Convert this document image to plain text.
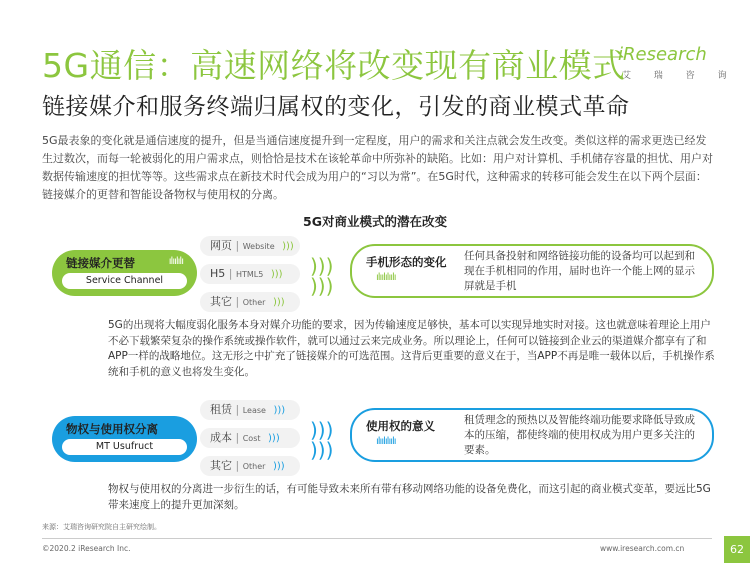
5G通信：高速网络将改变现有商业模式
链接媒介和服务终端归属权的变化，引发的商业模式革命
iResearch
艾 瑞 咨 询
5G最表象的变化就是通信速度的提升，但是当通信速度提升到一定程度，用户的需求和关注点就会发生改变。类似这样的需求更迭已经发生过数次，而每一轮被弱化的用户需求点，则恰恰是技术在该轮革命中所弥补的缺陷。比如：用户对计算机、手机储存容量的担忧、用户对数据传输速度的担忧等等。这些需求点在新技术时代会成为用户的“习以为常”。在5G时代，这种需求的转移可能会发生在以下两个层面：链接媒介的更替和智能设备物权与使用权的分离。
5G对商业模式的潜在改变
链接媒介更替	ılıılılı
Service Channel
网页 | Website )))
H5 | HTML5 )))
其它 | Other )))
)))
)))
手机形态的变化
ılıılılıılı
任何具备投射和网络链接功能的设备均可以起到和现在手机相同的作用，届时也许一个能上网的显示屏就是手机
5G的出现将大幅度弱化服务本身对媒介功能的要求，因为传输速度足够快，基本可以实现异地实时对接。这也就意味着理论上用户不必下载繁荣复杂的操作系统或操作软件，就可以通过云来完成业务。所以理论上，任何可以链接到企业云的渠道媒介都享有了和APP一样的战略地位。这无形之中扩充了链接媒介的可选范围。这背后更重要的意义在于，当APP不再是唯一载体以后，手机操作系统和手机的意义也将发生变化。
物权与使用权分离
MT Usufruct
租赁 | Lease )))
成本 | Cost )))
其它 | Other )))
)))
)))
使用权的意义
ılıılılıılı
租赁理念的预热以及智能终端功能要求降低导致成本的压缩，都使终端的使用权成为用户更多关注的要素。
物权与使用权的分离进一步衍生的话，有可能导致未来所有带有移动网络功能的设备免费化，而这引起的商业模式变革，要远比5G带来速度上的提升更加深刻。
来源：艾瑞咨询研究院自主研究绘制。
©2020.2 iResearch Inc.	www.iresearch.com.cn	62
